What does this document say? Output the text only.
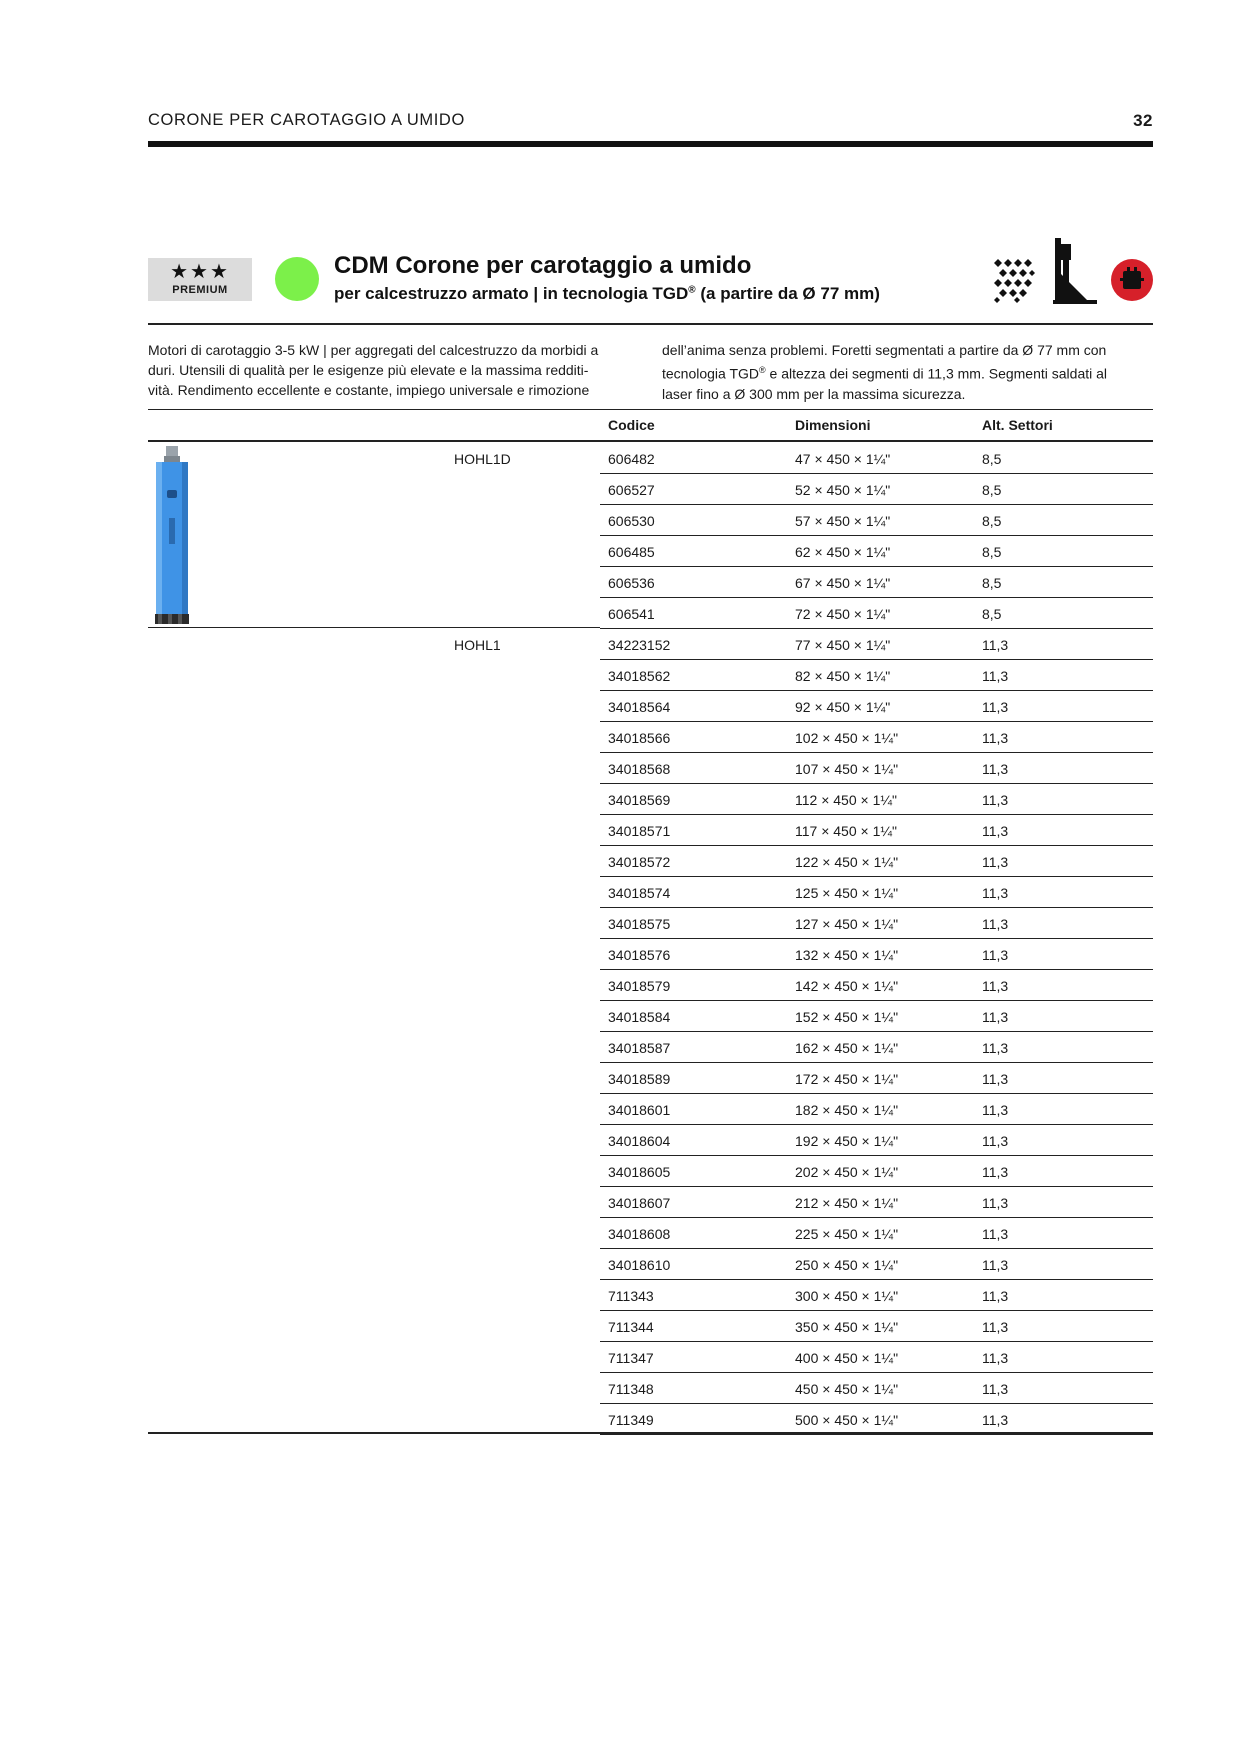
CORONE PER CAROTAGGIO A UMIDO	32
★★★
PREMIUM
CDM Corone per carotaggio a umido
per calcestruzzo armato | in tecnologia TGD® (a partire da Ø 77 mm)
Motori di carotaggio 3-5 kW | per aggregati del calcestruzzo da morbidi a
duri. Utensili di qualità per le esigenze più elevate e la massima redditi-
vità. Rendimento eccellente e costante, impiego universale e rimozione
dell’anima senza problemi. Foretti segmentati a partire da Ø 77 mm con
tecnologia TGD® e altezza dei segmenti di 11,3 mm. Segmenti saldati al
laser fino a Ø 300 mm per la massima sicurezza.
Codice	Dimensioni	Alt. Settori
HOHL1D	606482	47 × 450 × 1¼"	8,5
606527	52 × 450 × 1¼"	8,5
606530	57 × 450 × 1¼"	8,5
606485	62 × 450 × 1¼"	8,5
606536	67 × 450 × 1¼"	8,5
606541	72 × 450 × 1¼"	8,5
HOHL1	34223152	77 × 450 × 1¼"	11,3
34018562	82 × 450 × 1¼"	11,3
34018564	92 × 450 × 1¼"	11,3
34018566	102 × 450 × 1¼"	11,3
34018568	107 × 450 × 1¼"	11,3
34018569	112 × 450 × 1¼"	11,3
34018571	117 × 450 × 1¼"	11,3
34018572	122 × 450 × 1¼"	11,3
34018574	125 × 450 × 1¼"	11,3
34018575	127 × 450 × 1¼"	11,3
34018576	132 × 450 × 1¼"	11,3
34018579	142 × 450 × 1¼"	11,3
34018584	152 × 450 × 1¼"	11,3
34018587	162 × 450 × 1¼"	11,3
34018589	172 × 450 × 1¼"	11,3
34018601	182 × 450 × 1¼"	11,3
34018604	192 × 450 × 1¼"	11,3
34018605	202 × 450 × 1¼"	11,3
34018607	212 × 450 × 1¼"	11,3
34018608	225 × 450 × 1¼"	11,3
34018610	250 × 450 × 1¼"	11,3
711343	300 × 450 × 1¼"	11,3
711344	350 × 450 × 1¼"	11,3
711347	400 × 450 × 1¼"	11,3
711348	450 × 450 × 1¼"	11,3
711349	500 × 450 × 1¼"	11,3
